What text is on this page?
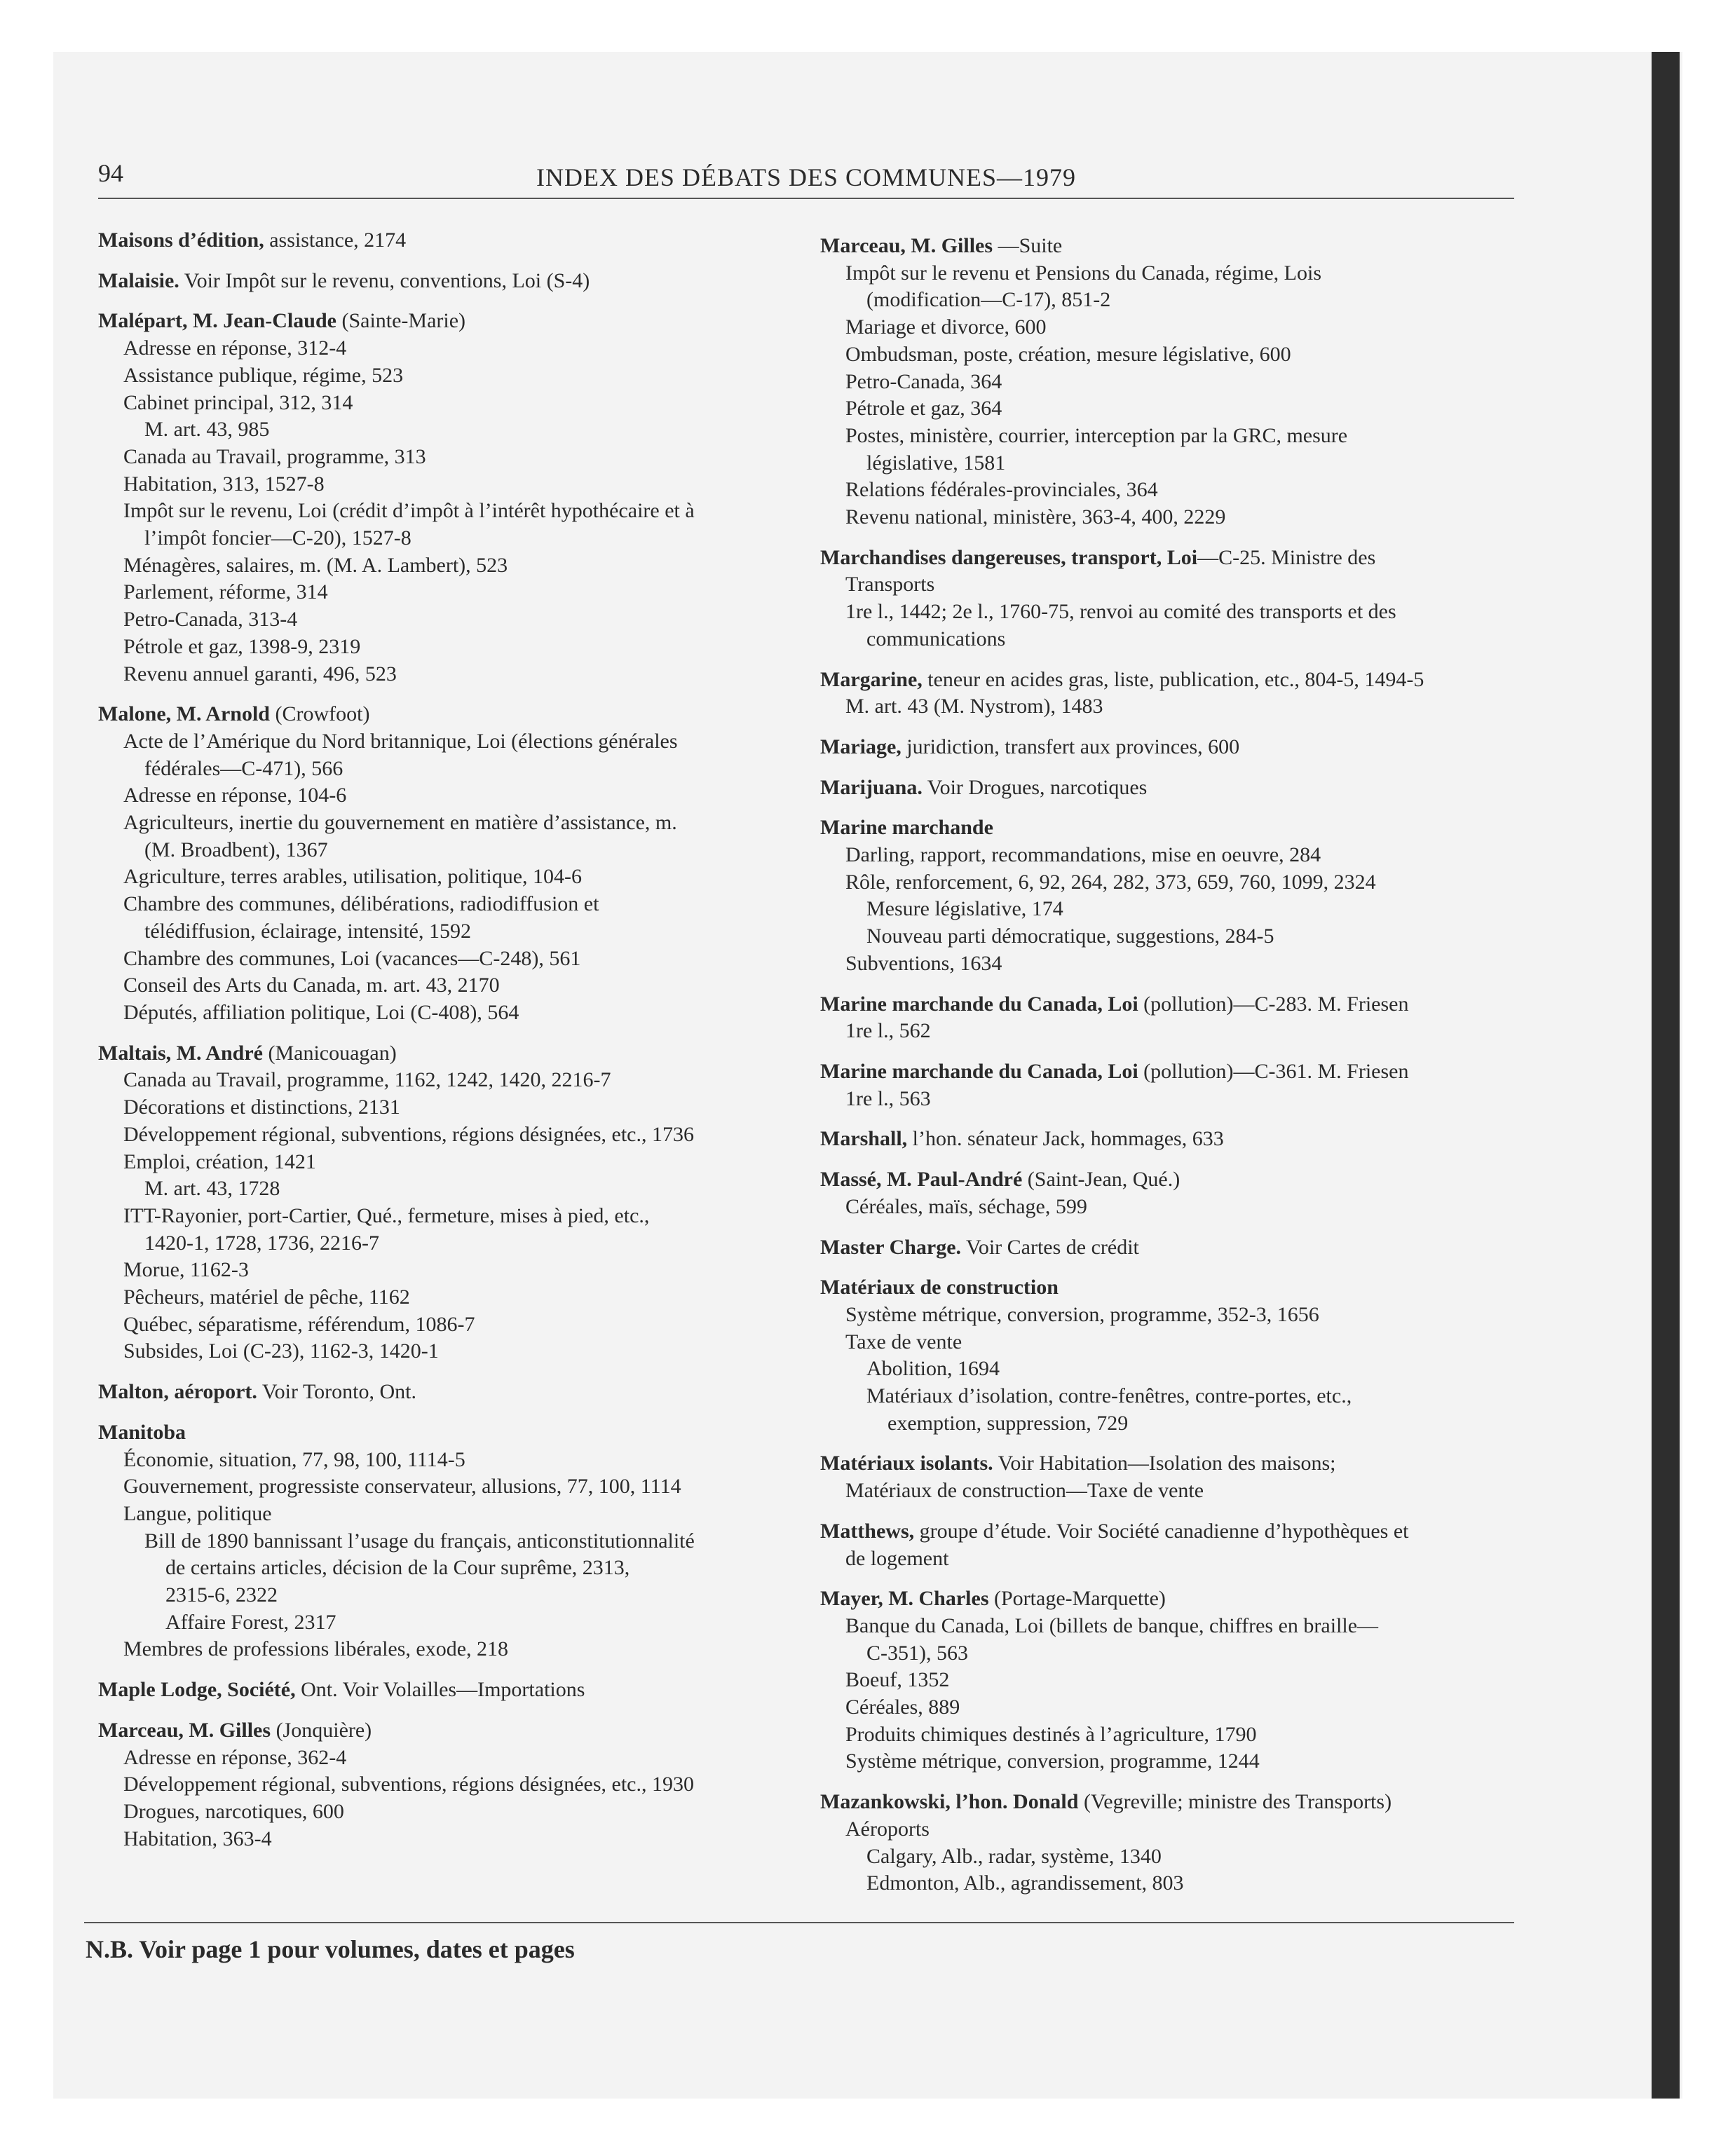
94	INDEX DES DÉBATS DES COMMUNES—1979
Maisons d’édition, assistance, 2174
Malaisie. Voir Impôt sur le revenu, conventions, Loi (S-4)
Malépart, M. Jean-Claude (Sainte-Marie)
Adresse en réponse, 312-4
Assistance publique, régime, 523
Cabinet principal, 312, 314
M. art. 43, 985
Canada au Travail, programme, 313
Habitation, 313, 1527-8
Impôt sur le revenu, Loi (crédit d’impôt à l’intérêt hypothécaire et à
l’impôt foncier—C-20), 1527-8
Ménagères, salaires, m. (M. A. Lambert), 523
Parlement, réforme, 314
Petro-Canada, 313-4
Pétrole et gaz, 1398-9, 2319
Revenu annuel garanti, 496, 523
Malone, M. Arnold (Crowfoot)
Acte de l’Amérique du Nord britannique, Loi (élections générales
fédérales—C-471), 566
Adresse en réponse, 104-6
Agriculteurs, inertie du gouvernement en matière d’assistance, m.
(M. Broadbent), 1367
Agriculture, terres arables, utilisation, politique, 104-6
Chambre des communes, délibérations, radiodiffusion et
télédiffusion, éclairage, intensité, 1592
Chambre des communes, Loi (vacances—C-248), 561
Conseil des Arts du Canada, m. art. 43, 2170
Députés, affiliation politique, Loi (C-408), 564
Maltais, M. André (Manicouagan)
Canada au Travail, programme, 1162, 1242, 1420, 2216-7
Décorations et distinctions, 2131
Développement régional, subventions, régions désignées, etc., 1736
Emploi, création, 1421
M. art. 43, 1728
ITT-Rayonier, port-Cartier, Qué., fermeture, mises à pied, etc.,
1420-1, 1728, 1736, 2216-7
Morue, 1162-3
Pêcheurs, matériel de pêche, 1162
Québec, séparatisme, référendum, 1086-7
Subsides, Loi (C-23), 1162-3, 1420-1
Malton, aéroport. Voir Toronto, Ont.
Manitoba
Économie, situation, 77, 98, 100, 1114-5
Gouvernement, progressiste conservateur, allusions, 77, 100, 1114
Langue, politique
Bill de 1890 bannissant l’usage du français, anticonstitutionnalité
de certains articles, décision de la Cour suprême, 2313,
2315-6, 2322
Affaire Forest, 2317
Membres de professions libérales, exode, 218
Maple Lodge, Société, Ont. Voir Volailles—Importations
Marceau, M. Gilles (Jonquière)
Adresse en réponse, 362-4
Développement régional, subventions, régions désignées, etc., 1930
Drogues, narcotiques, 600
Habitation, 363-4
Marceau, M. Gilles —Suite
Impôt sur le revenu et Pensions du Canada, régime, Lois
(modification—C-17), 851-2
Mariage et divorce, 600
Ombudsman, poste, création, mesure législative, 600
Petro-Canada, 364
Pétrole et gaz, 364
Postes, ministère, courrier, interception par la GRC, mesure
législative, 1581
Relations fédérales-provinciales, 364
Revenu national, ministère, 363-4, 400, 2229
Marchandises dangereuses, transport, Loi—C-25. Ministre des
Transports
1re l., 1442; 2e l., 1760-75, renvoi au comité des transports et des
communications
Margarine, teneur en acides gras, liste, publication, etc., 804-5, 1494-5
M. art. 43 (M. Nystrom), 1483
Mariage, juridiction, transfert aux provinces, 600
Marijuana. Voir Drogues, narcotiques
Marine marchande
Darling, rapport, recommandations, mise en oeuvre, 284
Rôle, renforcement, 6, 92, 264, 282, 373, 659, 760, 1099, 2324
Mesure législative, 174
Nouveau parti démocratique, suggestions, 284-5
Subventions, 1634
Marine marchande du Canada, Loi (pollution)—C-283. M. Friesen
1re l., 562
Marine marchande du Canada, Loi (pollution)—C-361. M. Friesen
1re l., 563
Marshall, l’hon. sénateur Jack, hommages, 633
Massé, M. Paul-André (Saint-Jean, Qué.)
Céréales, maïs, séchage, 599
Master Charge. Voir Cartes de crédit
Matériaux de construction
Système métrique, conversion, programme, 352-3, 1656
Taxe de vente
Abolition, 1694
Matériaux d’isolation, contre-fenêtres, contre-portes, etc.,
exemption, suppression, 729
Matériaux isolants. Voir Habitation—Isolation des maisons;
Matériaux de construction—Taxe de vente
Matthews, groupe d’étude. Voir Société canadienne d’hypothèques et
de logement
Mayer, M. Charles (Portage-Marquette)
Banque du Canada, Loi (billets de banque, chiffres en braille—
C-351), 563
Boeuf, 1352
Céréales, 889
Produits chimiques destinés à l’agriculture, 1790
Système métrique, conversion, programme, 1244
Mazankowski, l’hon. Donald (Vegreville; ministre des Transports)
Aéroports
Calgary, Alb., radar, système, 1340
Edmonton, Alb., agrandissement, 803
N.B. Voir page 1 pour volumes, dates et pages
